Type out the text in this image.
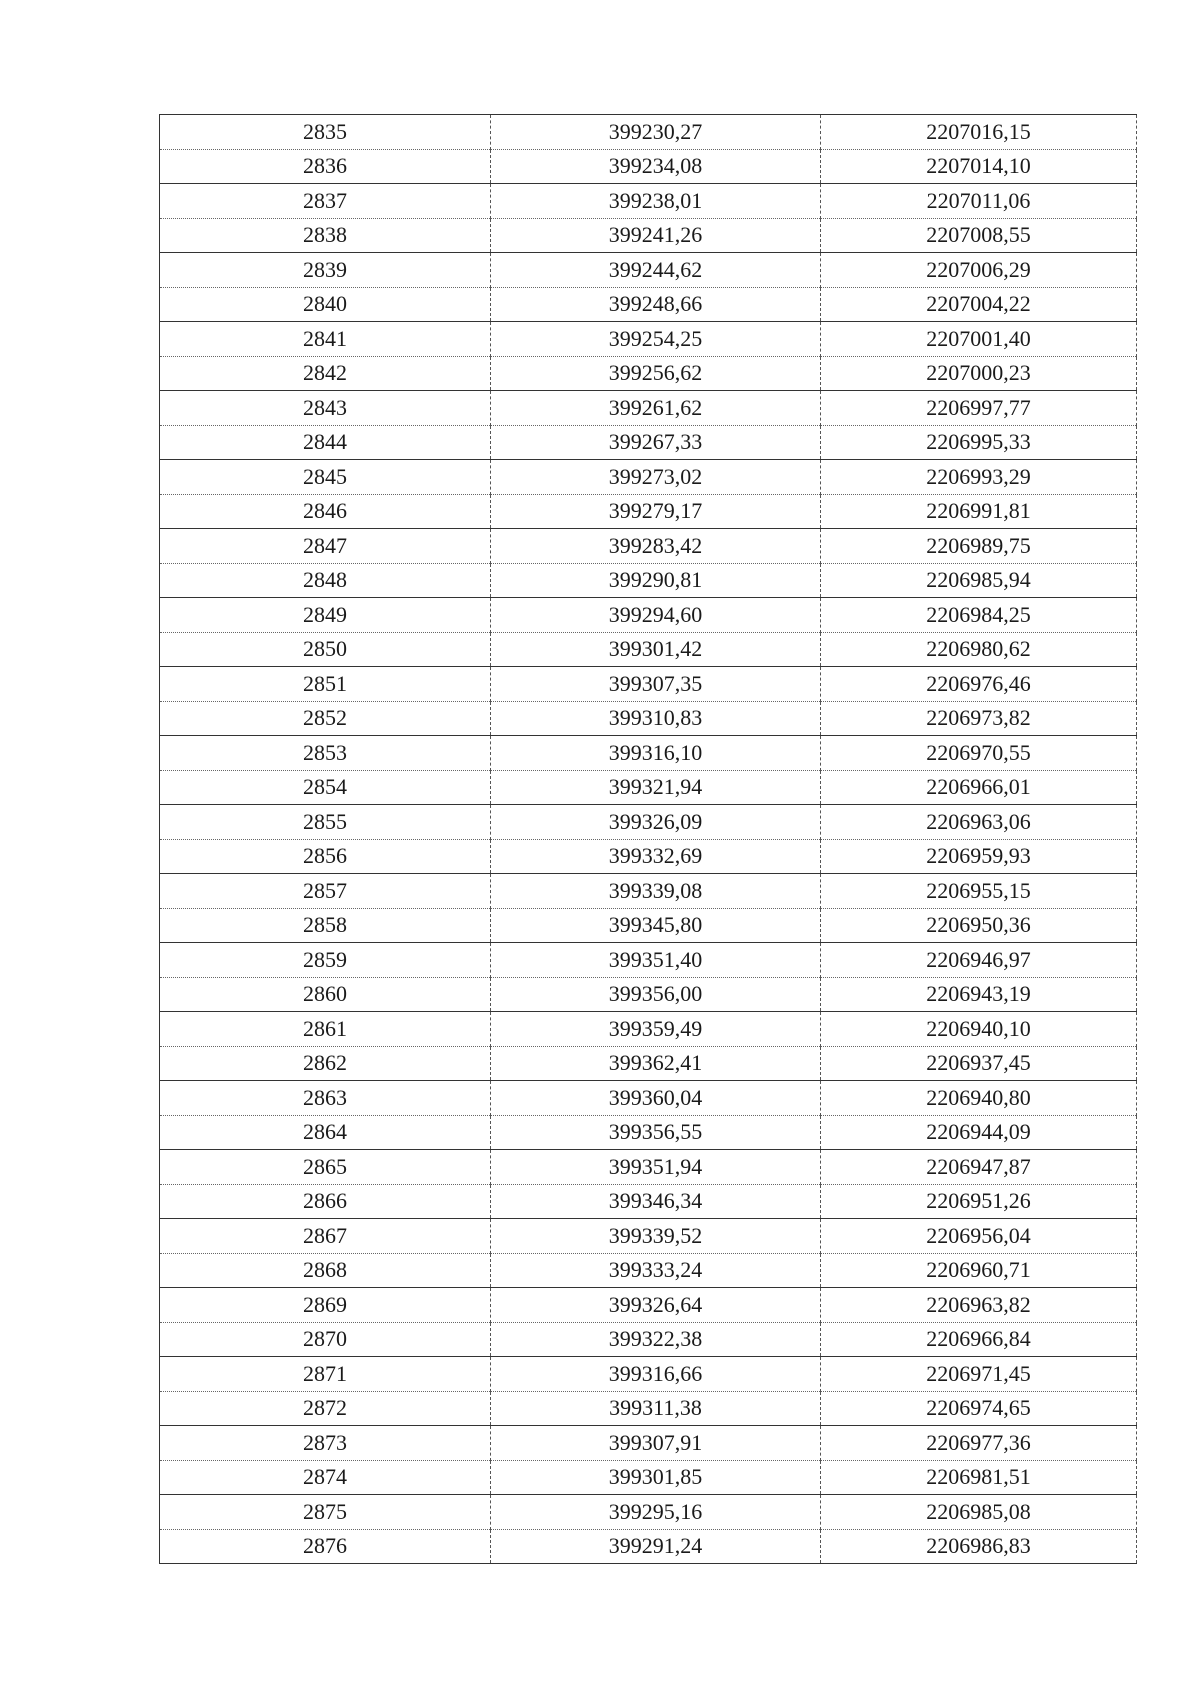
2835	399230,27	2207016,15
2836	399234,08	2207014,10
2837	399238,01	2207011,06
2838	399241,26	2207008,55
2839	399244,62	2207006,29
2840	399248,66	2207004,22
2841	399254,25	2207001,40
2842	399256,62	2207000,23
2843	399261,62	2206997,77
2844	399267,33	2206995,33
2845	399273,02	2206993,29
2846	399279,17	2206991,81
2847	399283,42	2206989,75
2848	399290,81	2206985,94
2849	399294,60	2206984,25
2850	399301,42	2206980,62
2851	399307,35	2206976,46
2852	399310,83	2206973,82
2853	399316,10	2206970,55
2854	399321,94	2206966,01
2855	399326,09	2206963,06
2856	399332,69	2206959,93
2857	399339,08	2206955,15
2858	399345,80	2206950,36
2859	399351,40	2206946,97
2860	399356,00	2206943,19
2861	399359,49	2206940,10
2862	399362,41	2206937,45
2863	399360,04	2206940,80
2864	399356,55	2206944,09
2865	399351,94	2206947,87
2866	399346,34	2206951,26
2867	399339,52	2206956,04
2868	399333,24	2206960,71
2869	399326,64	2206963,82
2870	399322,38	2206966,84
2871	399316,66	2206971,45
2872	399311,38	2206974,65
2873	399307,91	2206977,36
2874	399301,85	2206981,51
2875	399295,16	2206985,08
2876	399291,24	2206986,83
